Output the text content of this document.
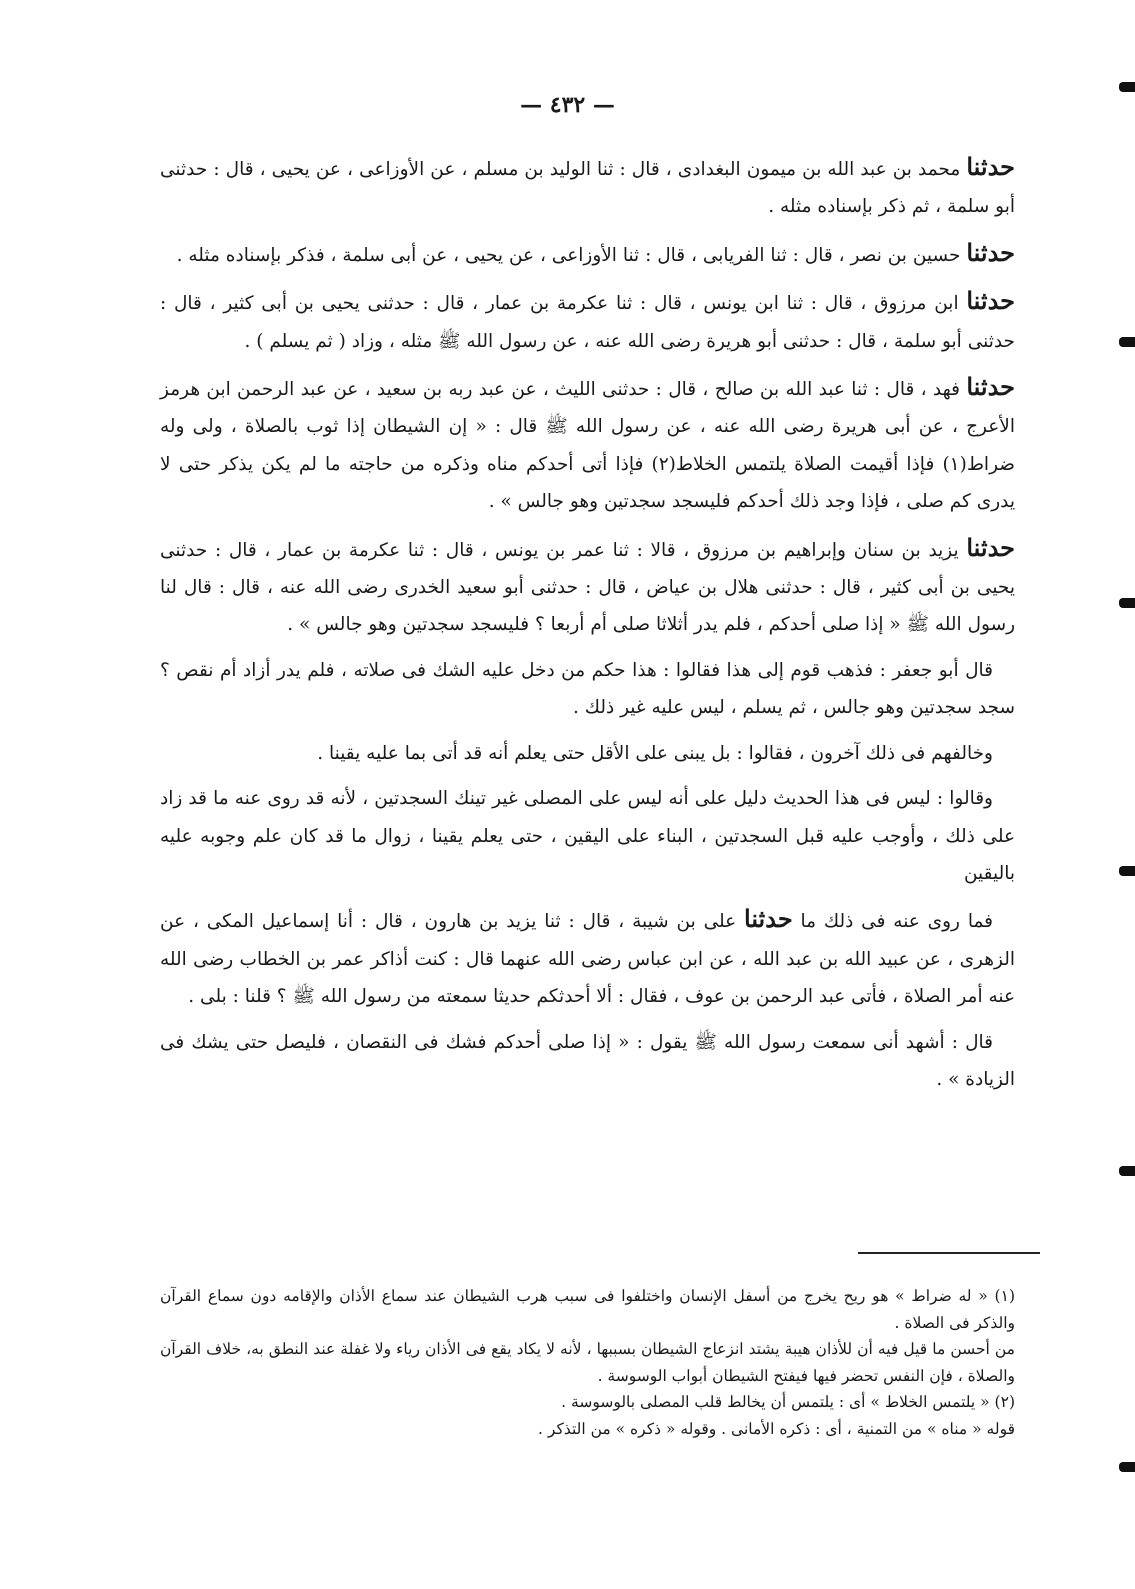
— ٤٣٢ —

حدثنا محمد بن عبد الله بن ميمون البغدادى ، قال : ثنا الوليد بن مسلم ، عن الأوزاعى ، عن يحيى ، قال : حدثنى أبو سلمة ، ثم ذكر بإسناده مثله .

حدثنا حسين بن نصر ، قال : ثنا الفريابى ، قال : ثنا الأوزاعى ، عن يحيى ، عن أبى سلمة ، فذكر بإسناده مثله .

حدثنا ابن مرزوق ، قال : ثنا ابن يونس ، قال : ثنا عكرمة بن عمار ، قال : حدثنى يحيى بن أبى كثير ، قال : حدثنى أبو سلمة ، قال : حدثنى أبو هريرة رضى الله عنه ، عن رسول الله ﷺ مثله ، وزاد ( ثم يسلم ) .

حدثنا فهد ، قال : ثنا عبد الله بن صالح ، قال : حدثنى الليث ، عن عبد ربه بن سعيد ، عن عبد الرحمن ابن هرمز الأعرج ، عن أبى هريرة رضى الله عنه ، عن رسول الله ﷺ قال : « إن الشيطان إذا ثوب بالصلاة ، ولى وله ضراط(١) فإذا أقيمت الصلاة يلتمس الخلاط(٢) فإذا أتى أحدكم مناه وذكره من حاجته ما لم يكن يذكر حتى لا يدرى كم صلى ، فإذا وجد ذلك أحدكم فليسجد سجدتين وهو جالس » .

حدثنا يزيد بن سنان وإبراهيم بن مرزوق ، قالا : ثنا عمر بن يونس ، قال : ثنا عكرمة بن عمار ، قال : حدثنى يحيى بن أبى كثير ، قال : حدثنى هلال بن عياض ، قال : حدثنى أبو سعيد الخدرى رضى الله عنه ، قال : قال لنا رسول الله ﷺ « إذا صلى أحدكم ، فلم يدر أثلاثا صلى أم أربعا ؟ فليسجد سجدتين وهو جالس » .

قال أبو جعفر : فذهب قوم إلى هذا فقالوا : هذا حكم من دخل عليه الشك فى صلاته ، فلم يدر أزاد أم نقص ؟ سجد سجدتين وهو جالس ، ثم يسلم ، ليس عليه غير ذلك .

وخالفهم فى ذلك آخرون ، فقالوا : بل يبنى على الأقل حتى يعلم أنه قد أتى بما عليه يقينا .

وقالوا : ليس فى هذا الحديث دليل على أنه ليس على المصلى غير تينك السجدتين ، لأنه قد روى عنه ما قد زاد على ذلك ، وأوجب عليه قبل السجدتين ، البناء على اليقين ، حتى يعلم يقينا ، زوال ما قد كان علم وجوبه عليه باليقين

فما روى عنه فى ذلك ما حدثنا على بن شيبة ، قال : ثنا يزيد بن هارون ، قال : أنا إسماعيل المكى ، عن الزهرى ، عن عبيد الله بن عبد الله ، عن ابن عباس رضى الله عنهما قال : كنت أذاكر عمر بن الخطاب رضى الله عنه أمر الصلاة ، فأتى عبد الرحمن بن عوف ، فقال : ألا أحدثكم حديثا سمعته من رسول الله ﷺ ؟ قلنا : بلى .

قال : أشهد أنى سمعت رسول الله ﷺ يقول : « إذا صلى أحدكم فشك فى النقصان ، فليصل حتى يشك فى الزيادة » .

(١) « له ضراط » هو ريح يخرج من أسفل الإنسان واختلفوا فى سبب هرب الشيطان عند سماع الأذان والإقامه دون سماع القرآن والذكر فى الصلاة .

من أحسن ما قيل فيه أن للأذان هيبة يشتد انزعاج الشيطان بسببها ، لأنه لا يكاد يقع فى الأذان رياء ولا غفلة عند النطق به، خلاف القرآن والصلاة ، فإن النفس تحضر فيها فيفتح الشيطان أبواب الوسوسة .

(٢) « يلتمس الخلاط » أى : يلتمس أن يخالط قلب المصلى بالوسوسة .

قوله « مناه » من التمنية ، أى : ذكره الأمانى . وقوله « ذكره » من التذكر .
